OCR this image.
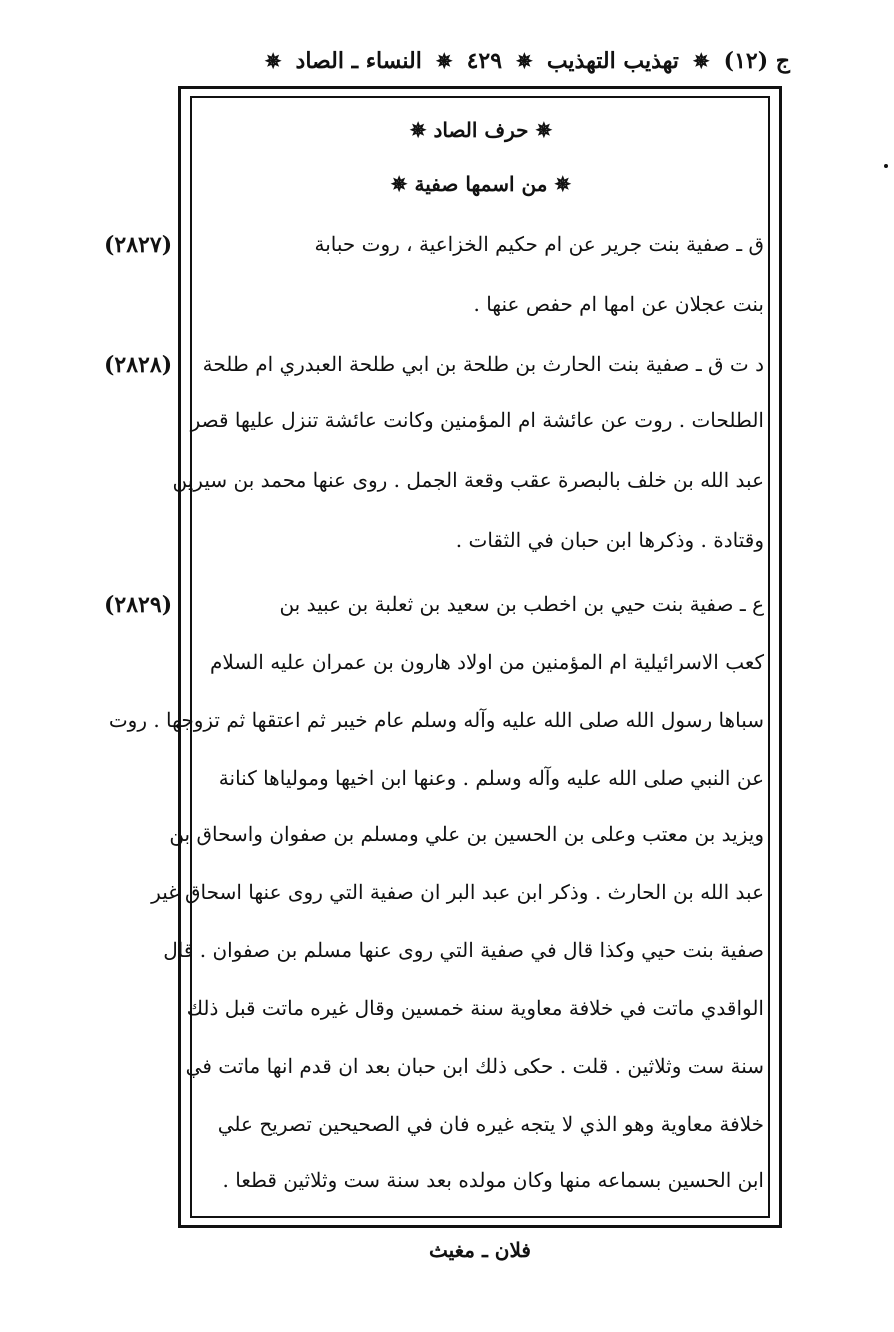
ج (١٢)
✵
تهذيب التهذيب
✵
٤٢٩
✵
النساء ـ الصاد
✵
✵ حرف الصاد ✵
✵ من اسمها صفية ✵
ق ـ صفية بنت جرير عن ام حكيم الخزاعية ، روت حبابة
بنت عجلان عن امها ام حفص عنها .
د ت ق ـ صفية بنت الحارث بن طلحة بن ابي طلحة العبدري ام طلحة
الطلحات . روت عن عائشة ام المؤمنين وكانت عائشة تنزل عليها قصر
عبد الله بن خلف بالبصرة عقب وقعة الجمل . روى عنها محمد بن سيرين
وقتادة . وذكرها ابن حبان في الثقات .
ع ـ صفية بنت حيي بن اخطب بن سعيد بن ثعلبة بن عبيد بن
كعب الاسرائيلية ام المؤمنين من اولاد هارون بن عمران عليه السلام
سباها رسول الله صلى الله عليه وآله وسلم عام خيبر ثم اعتقها ثم تزوجها . روت
عن النبي صلى الله عليه وآله وسلم . وعنها ابن اخيها ومولياها كنانة
ويزيد بن معتب وعلى بن الحسين بن علي ومسلم بن صفوان واسحاق بن
عبد الله بن الحارث . وذكر ابن عبد البر ان صفية التي روى عنها اسحاق غير
صفية بنت حيي وكذا قال في صفية التي روى عنها مسلم بن صفوان . قال
الواقدي ماتت في خلافة معاوية سنة خمسين وقال غيره ماتت قبل ذلك
سنة ست وثلاثين . قلت . حكى ذلك ابن حبان بعد ان قدم انها ماتت في
خلافة معاوية وهو الذي لا يتجه غيره فان في الصحيحين تصريح علي
ابن الحسين بسماعه منها وكان مولده بعد سنة ست وثلاثين قطعا .
(٢٨٢٧)
(٢٨٢٨)
(٢٨٢٩)
فلان ـ مغيث
